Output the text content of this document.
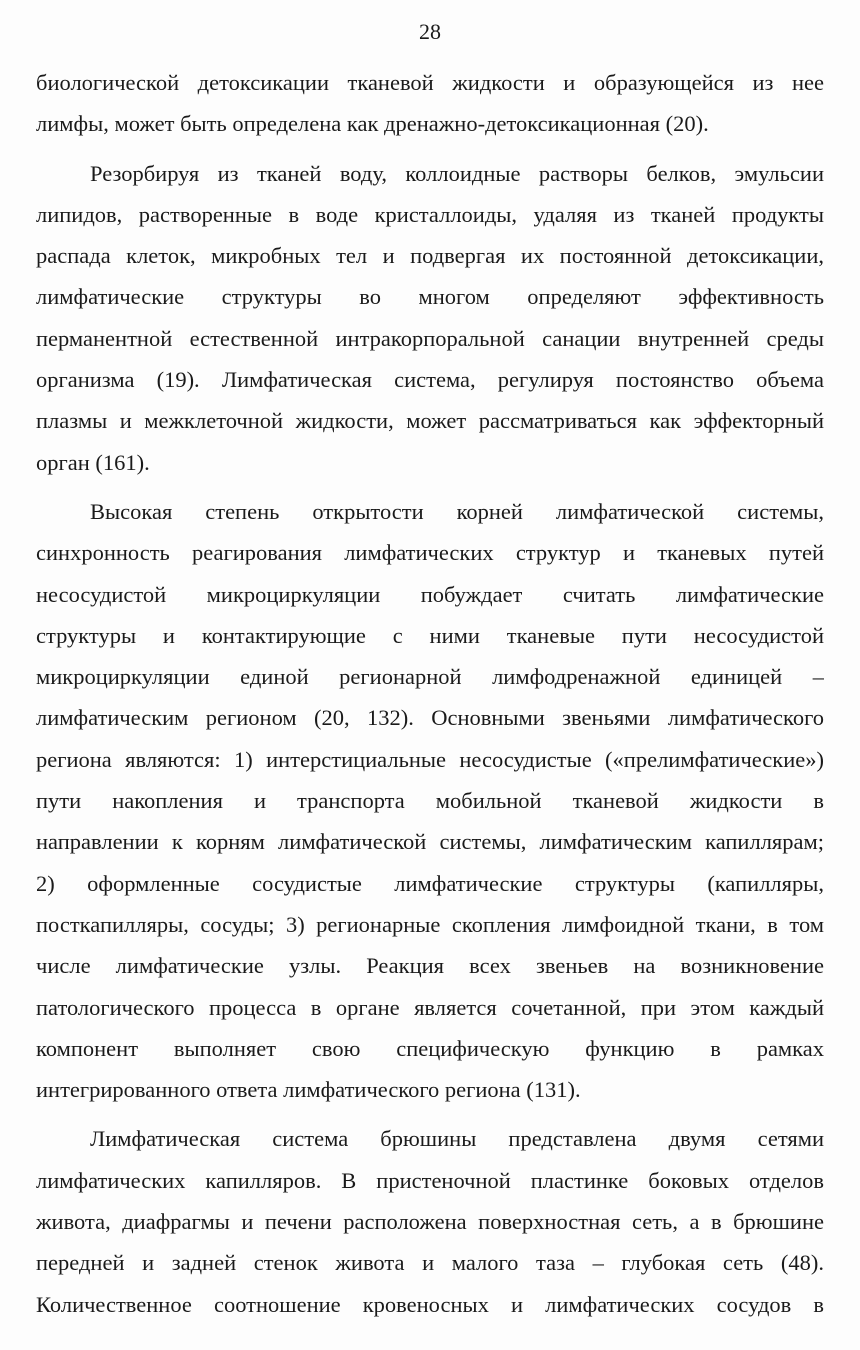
28
биологической детоксикации тканевой жидкости и образующейся из нее
лимфы, может быть определена как дренажно-детоксикационная (20).
Резорбируя из тканей воду, коллоидные растворы белков, эмульсии
липидов, растворенные в воде кристаллоиды, удаляя из тканей продукты
распада клеток, микробных тел и подвергая их постоянной детоксикации,
лимфатические структуры во многом определяют эффективность
перманентной естественной интракорпоральной санации внутренней среды
организма (19). Лимфатическая система, регулируя постоянство объема
плазмы и межклеточной жидкости, может рассматриваться как эффекторный
орган (161).
Высокая степень открытости корней лимфатической системы,
синхронность реагирования лимфатических структур и тканевых путей
несосудистой микроциркуляции побуждает считать лимфатические
структуры и контактирующие с ними тканевые пути несосудистой
микроциркуляции единой регионарной лимфодренажной единицей –
лимфатическим регионом (20, 132). Основными звеньями лимфатического
региона являются: 1) интерстициальные несосудистые («прелимфатические»)
пути накопления и транспорта мобильной тканевой жидкости в
направлении к корням лимфатической системы, лимфатическим капиллярам;
2) оформленные сосудистые лимфатические структуры (капилляры,
посткапилляры, сосуды; 3) регионарные скопления лимфоидной ткани, в том
числе лимфатические узлы. Реакция всех звеньев на возникновение
патологического процесса в органе является сочетанной, при этом каждый
компонент выполняет свою специфическую функцию в рамках
интегрированного ответа лимфатического региона (131).
Лимфатическая система брюшины представлена двумя сетями
лимфатических капилляров. В пристеночной пластинке боковых отделов
живота, диафрагмы и печени расположена поверхностная сеть, а в брюшине
передней и задней стенок живота и малого таза – глубокая сеть (48).
Количественное соотношение кровеносных и лимфатических сосудов в
